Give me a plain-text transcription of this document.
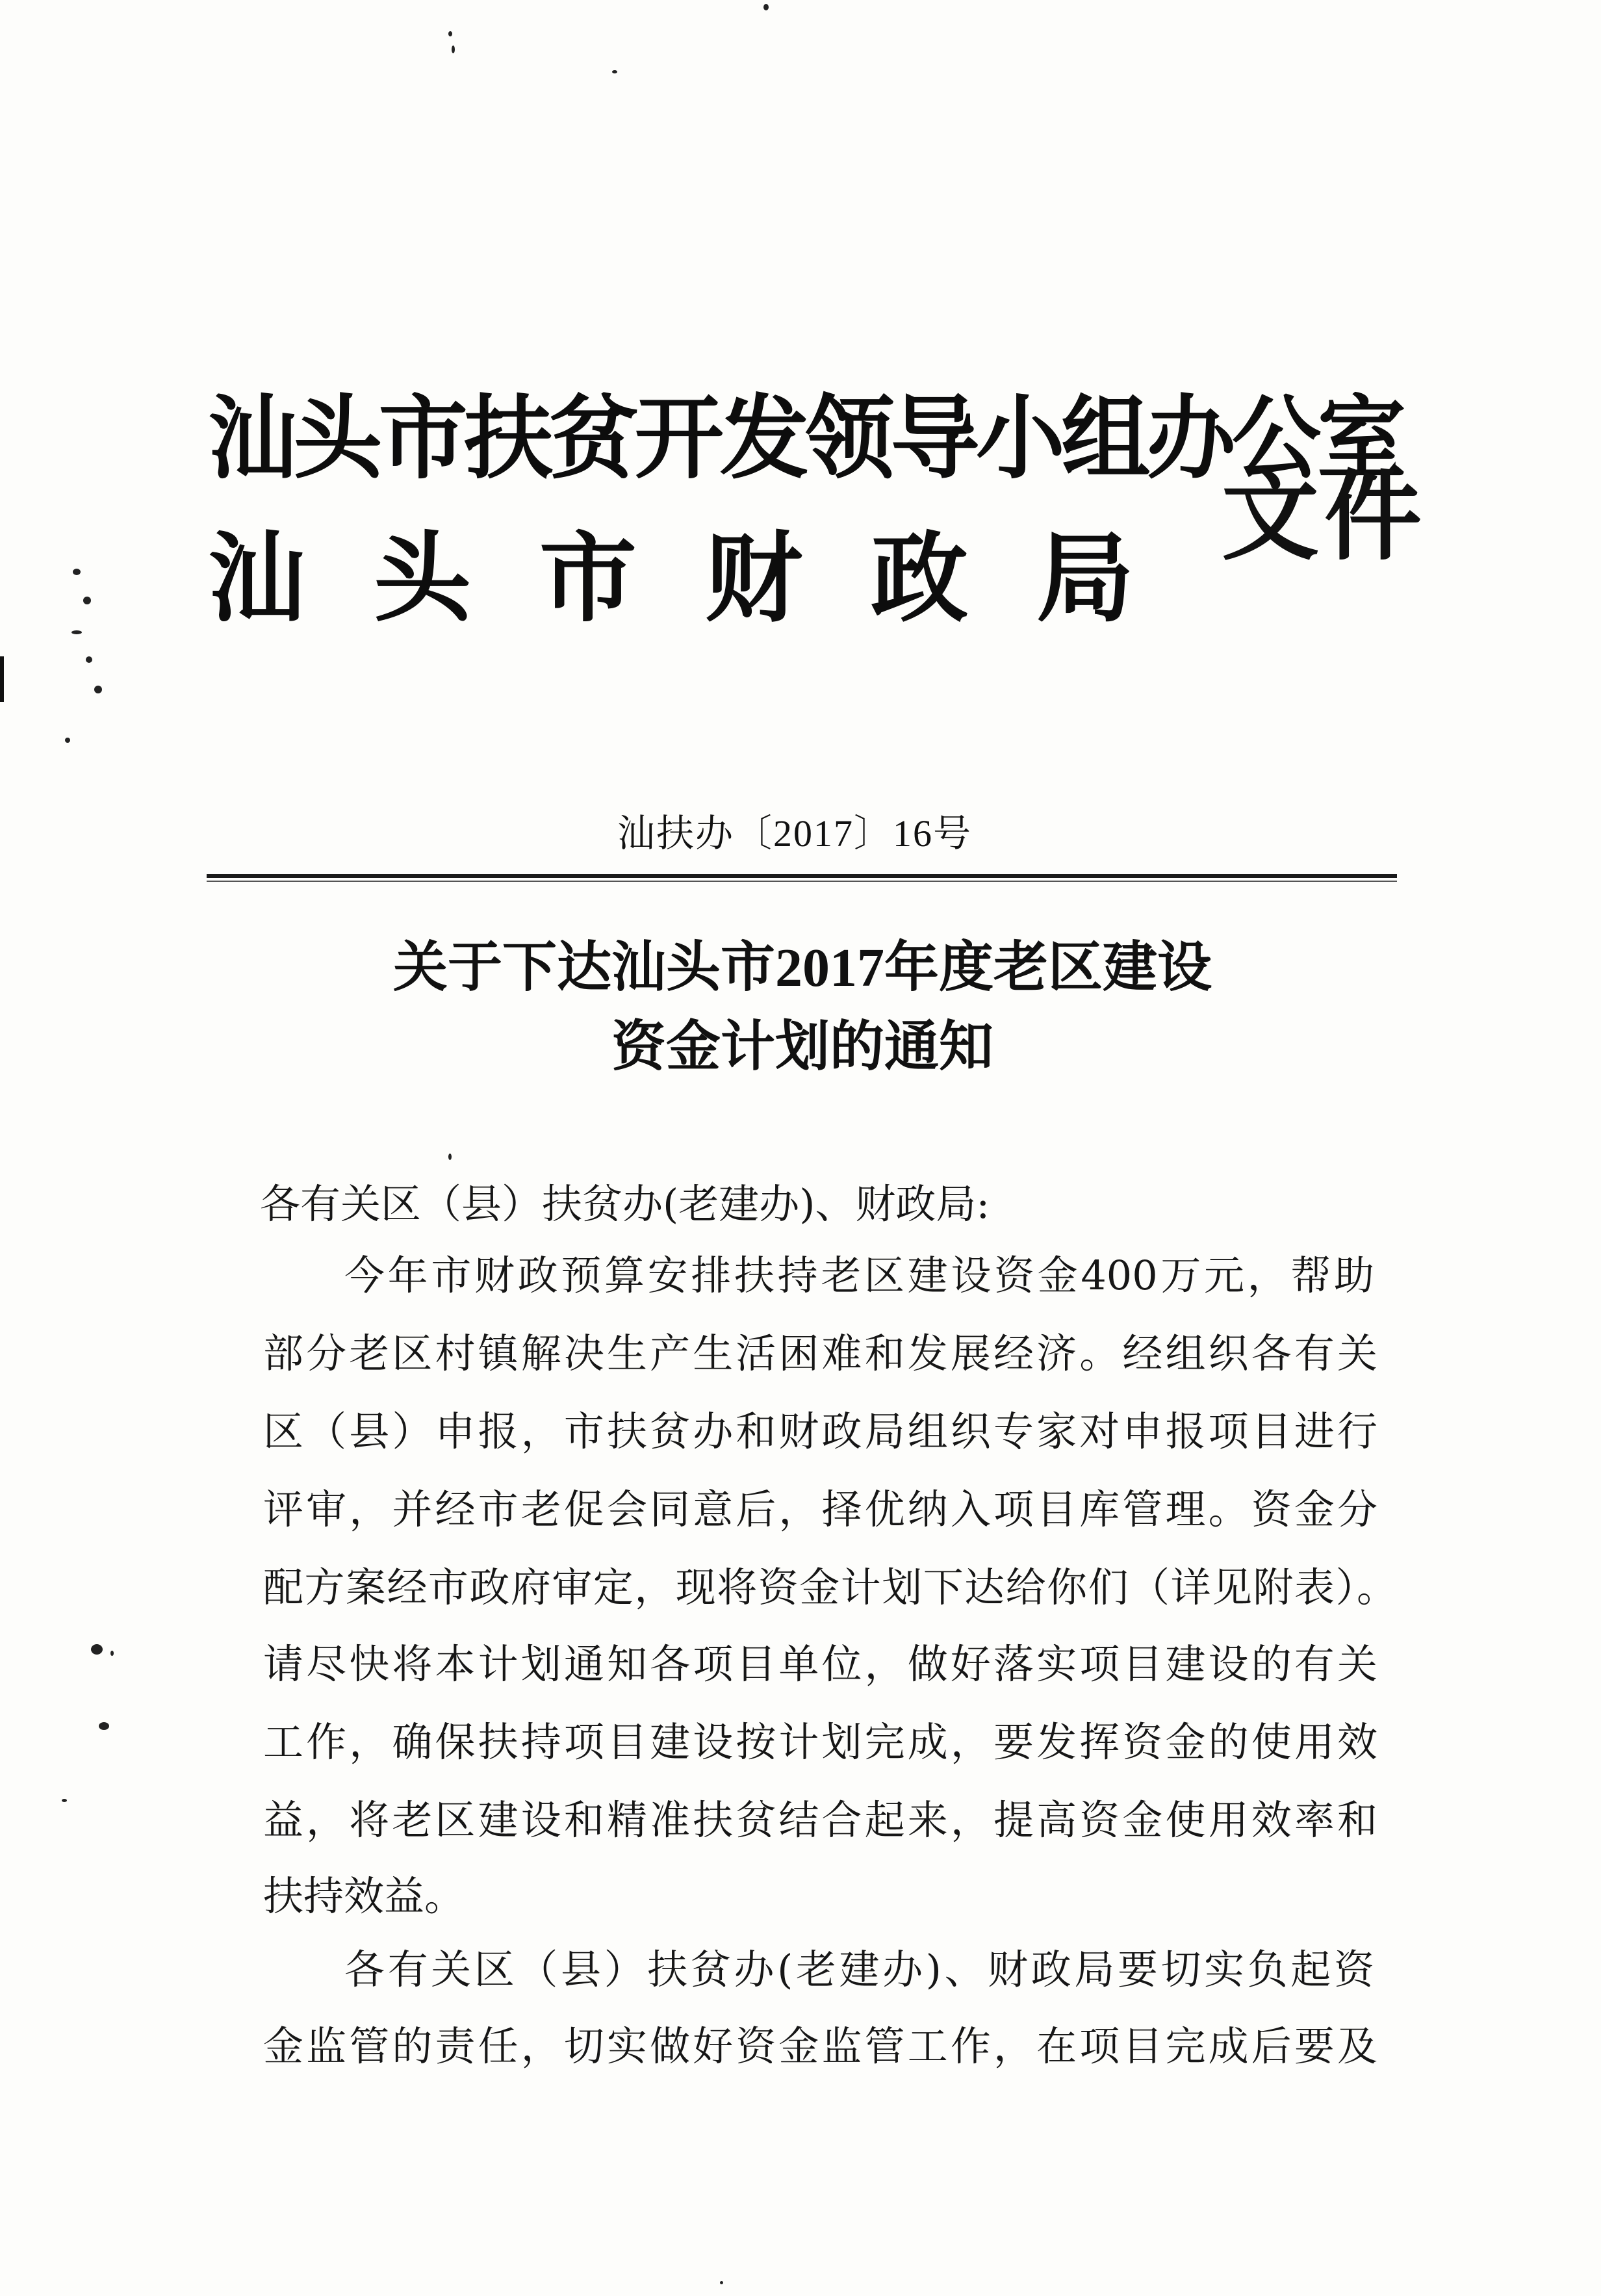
汕头市扶贫开发领导小组办公室
汕头市财政局
文件
汕扶办〔2017〕16号
关于下达汕头市2017年度老区建设
资金计划的通知
各有关区（县）扶贫办(老建办)、财政局:
今年市财政预算安排扶持老区建设资金400万元，帮助
部分老区村镇解决生产生活困难和发展经济。经组织各有关
区（县）申报，市扶贫办和财政局组织专家对申报项目进行
评审，并经市老促会同意后，择优纳入项目库管理。资金分
配方案经市政府审定，现将资金计划下达给你们（详见附表）。
请尽快将本计划通知各项目单位，做好落实项目建设的有关
工作，确保扶持项目建设按计划完成，要发挥资金的使用效
益，将老区建设和精准扶贫结合起来，提高资金使用效率和
扶持效益。
各有关区（县）扶贫办(老建办)、财政局要切实负起资
金监管的责任，切实做好资金监管工作，在项目完成后要及
